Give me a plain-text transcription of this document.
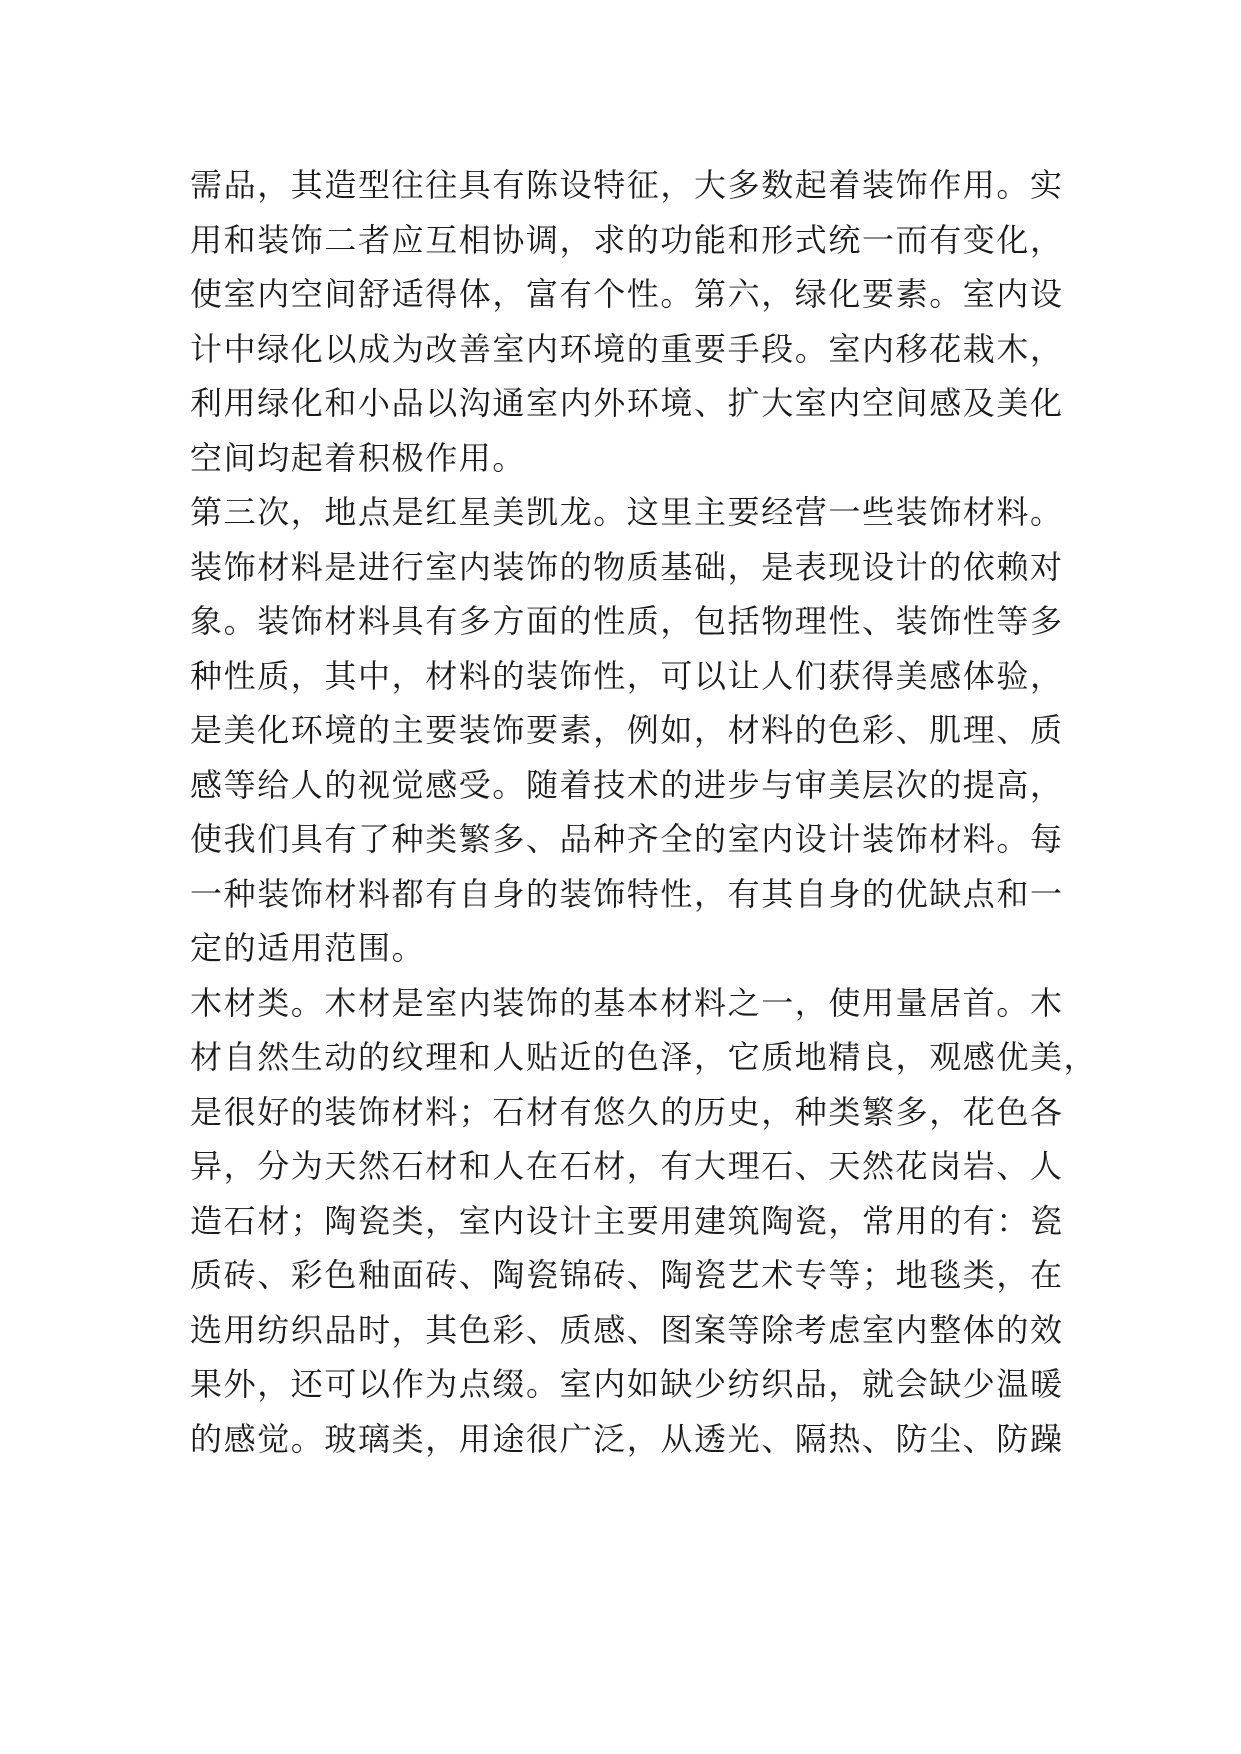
需品，其造型往往具有陈设特征，大多数起着装饰作用。实
用和装饰二者应互相协调，求的功能和形式统一而有变化，
使室内空间舒适得体，富有个性。第六，绿化要素。室内设
计中绿化以成为改善室内环境的重要手段。室内移花栽木，
利用绿化和小品以沟通室内外环境、扩大室内空间感及美化
空间均起着积极作用。
第三次，地点是红星美凯龙。这里主要经营一些装饰材料。
装饰材料是进行室内装饰的物质基础，是表现设计的依赖对
象。装饰材料具有多方面的性质，包括物理性、装饰性等多
种性质，其中，材料的装饰性，可以让人们获得美感体验，
是美化环境的主要装饰要素，例如，材料的色彩、肌理、质
感等给人的视觉感受。随着技术的进步与审美层次的提高，
使我们具有了种类繁多、品种齐全的室内设计装饰材料。每
一种装饰材料都有自身的装饰特性，有其自身的优缺点和一
定的适用范围。
木材类。木材是室内装饰的基本材料之一，使用量居首。木
材自然生动的纹理和人贴近的色泽，它质地精良，观感优美，
是很好的装饰材料；石材有悠久的历史，种类繁多，花色各
异，分为天然石材和人在石材，有大理石、天然花岗岩、人
造石材；陶瓷类，室内设计主要用建筑陶瓷，常用的有：瓷
质砖、彩色釉面砖、陶瓷锦砖、陶瓷艺术专等；地毯类，在
选用纺织品时，其色彩、质感、图案等除考虑室内整体的效
果外，还可以作为点缀。室内如缺少纺织品，就会缺少温暖
的感觉。玻璃类，用途很广泛，从透光、隔热、防尘、防躁
